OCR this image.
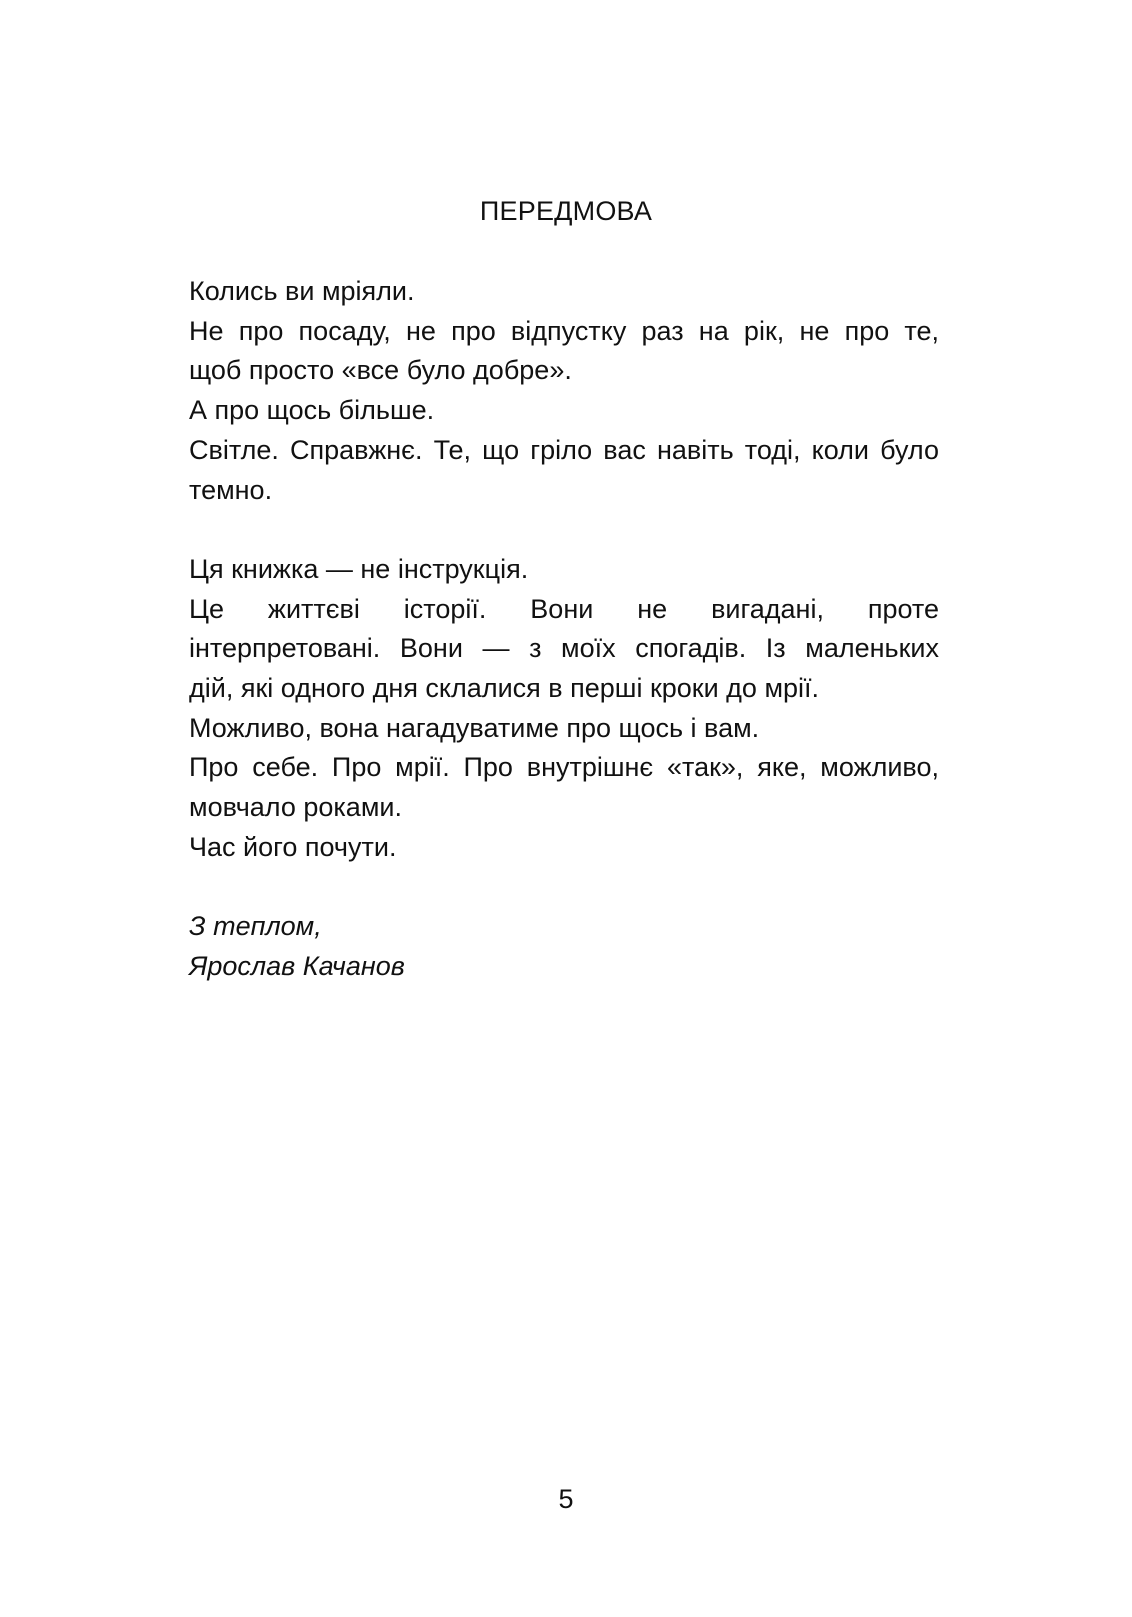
ПЕРЕДМОВА
Колись ви мріяли.
Не про посаду, не про відпустку раз на рік, не про те,
щоб просто «все було добре».
А про щось більше.
Світле. Справжнє. Те, що гріло вас навіть тоді, коли було
темно.
Ця книжка — не інструкція.
Це життєві історії. Вони не вигадані, проте
інтерпретовані. Вони — з моїх спогадів. Із маленьких
дій, які одного дня склалися в перші кроки до мрії.
Можливо, вона нагадуватиме про щось і вам.
Про себе. Про мрії. Про внутрішнє «так», яке, можливо,
мовчало роками.
Час його почути.
З теплом,
Ярослав Качанов
5
